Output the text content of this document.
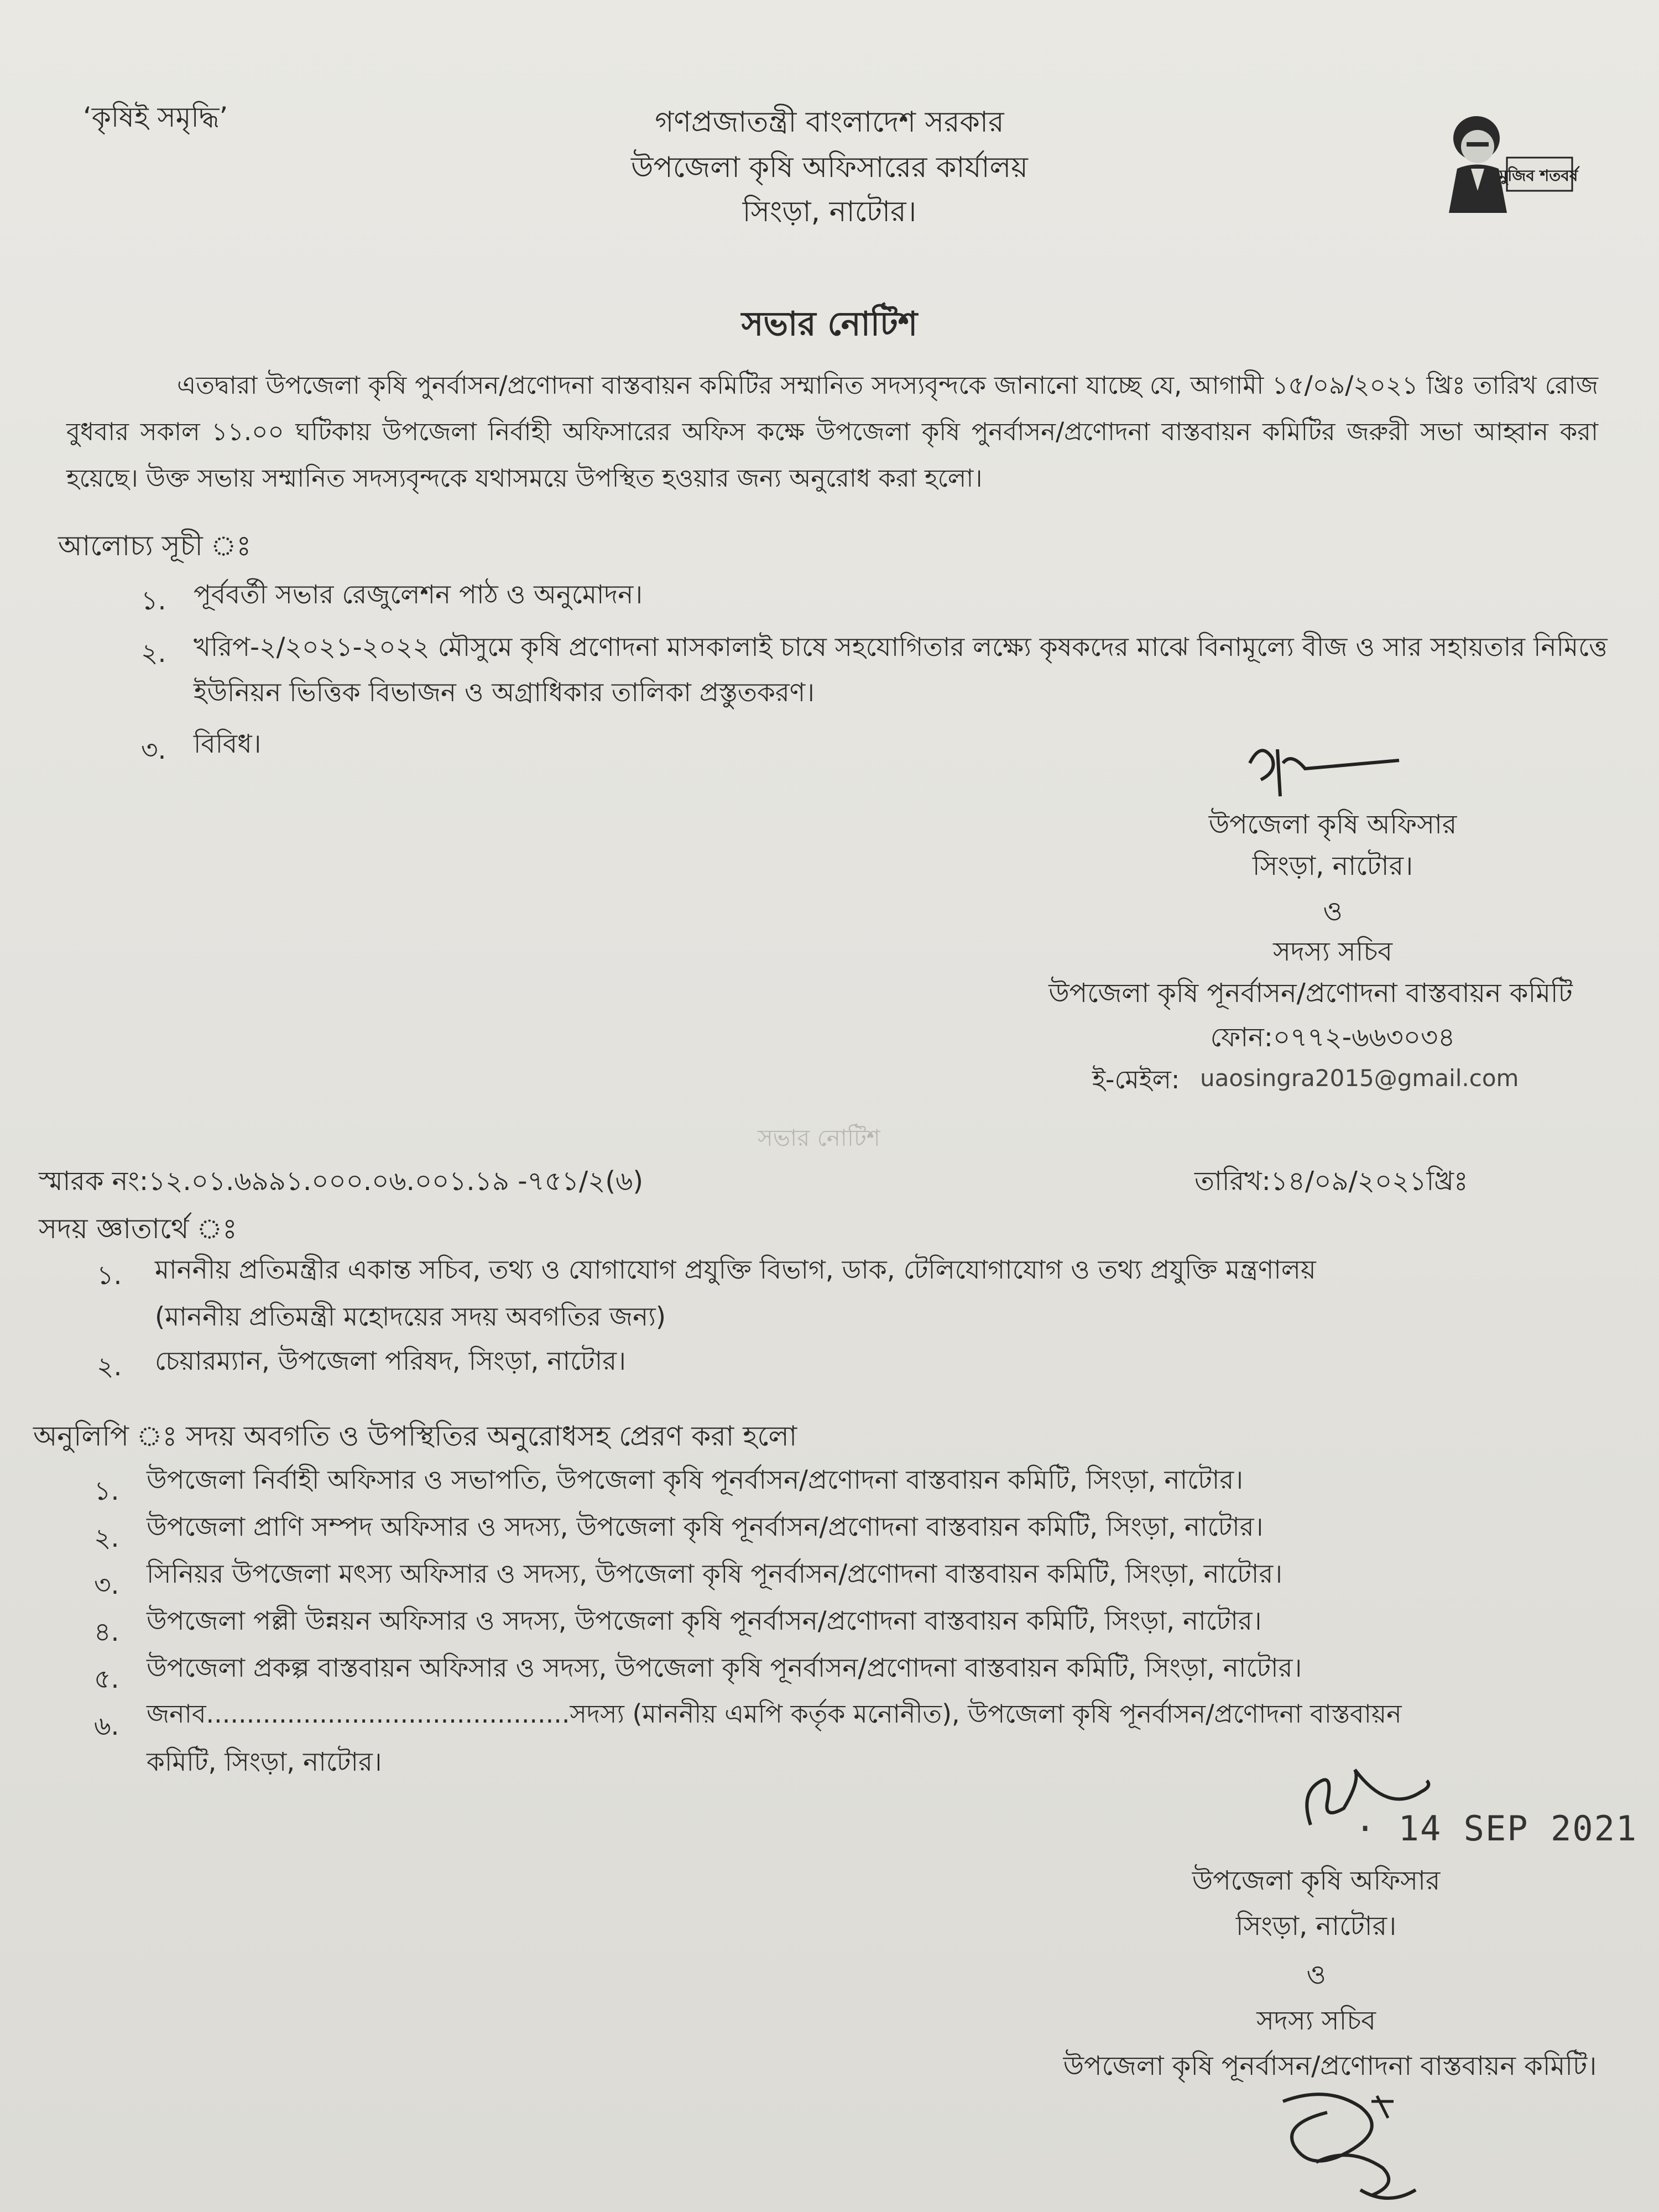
‘কৃষিই সমৃদ্ধি’	গণপ্রজাতন্ত্রী বাংলাদেশ সরকার
উপজেলা কৃষি অফিসারের কার্যালয়
সিংড়া, নাটোর।
মুজিব শতবর্ষ
সভার নোটিশ
এতদ্বারা উপজেলা কৃষি পুনর্বাসন/প্রণোদনা বাস্তবায়ন কমিটির সম্মানিত সদস্যবৃন্দকে জানানো যাচ্ছে যে, আগামী ১৫/০৯/২০২১ খ্রিঃ তারিখ রোজ বুধবার সকাল ১১.০০ ঘটিকায় উপজেলা নির্বাহী অফিসারের অফিস কক্ষে উপজেলা কৃষি পুনর্বাসন/প্রণোদনা বাস্তবায়ন কমিটির জরুরী সভা আহ্বান করা হয়েছে। উক্ত সভায় সম্মানিত সদস্যবৃন্দকে যথাসময়ে উপস্থিত হওয়ার জন্য অনুরোধ করা হলো।
আলোচ্য সূচী ঃ
১. পূর্ববর্তী সভার রেজুলেশন পাঠ ও অনুমোদন।
২. খরিপ-২/২০২১-২০২২ মৌসুমে কৃষি প্রণোদনা মাসকালাই চাষে সহযোগিতার লক্ষ্যে কৃষকদের মাঝে বিনামূল্যে বীজ ও সার সহায়তার নিমিত্তে ইউনিয়ন ভিত্তিক বিভাজন ও অগ্রাধিকার তালিকা প্রস্তুতকরণ।
৩. বিবিধ।
উপজেলা কৃষি অফিসার
সিংড়া, নাটোর।
ও
সদস্য সচিব
উপজেলা কৃষি পূনর্বাসন/প্রণোদনা বাস্তবায়ন কমিটি
ফোন:০৭৭২-৬৬৩০৩৪
ই-মেইল: uaosingra2015@gmail.com
সভার নোটিশ
স্মারক নং:১২.০১.৬৯৯১.০০০.০৬.০০১.১৯ -৭৫১/২(৬)	তারিখ:১৪/০৯/২০২১খ্রিঃ
সদয় জ্ঞাতার্থে ঃ
১. মাননীয় প্রতিমন্ত্রীর একান্ত সচিব, তথ্য ও যোগাযোগ প্রযুক্তি বিভাগ, ডাক, টেলিযোগাযোগ ও তথ্য প্রযুক্তি মন্ত্রণালয়
(মাননীয় প্রতিমন্ত্রী মহোদয়ের সদয় অবগতির জন্য)
২. চেয়ারম্যান, উপজেলা পরিষদ, সিংড়া, নাটোর।
অনুলিপি ঃ সদয় অবগতি ও উপস্থিতির অনুরোধসহ প্রেরণ করা হলো
১. উপজেলা নির্বাহী অফিসার ও সভাপতি, উপজেলা কৃষি পূনর্বাসন/প্রণোদনা বাস্তবায়ন কমিটি, সিংড়া, নাটোর।
২. উপজেলা প্রাণি সম্পদ অফিসার ও সদস্য, উপজেলা কৃষি পূনর্বাসন/প্রণোদনা বাস্তবায়ন কমিটি, সিংড়া, নাটোর।
৩. সিনিয়র উপজেলা মৎস্য অফিসার ও সদস্য, উপজেলা কৃষি পূনর্বাসন/প্রণোদনা বাস্তবায়ন কমিটি, সিংড়া, নাটোর।
৪. উপজেলা পল্লী উন্নয়ন অফিসার ও সদস্য, উপজেলা কৃষি পূনর্বাসন/প্রণোদনা বাস্তবায়ন কমিটি, সিংড়া, নাটোর।
৫. উপজেলা প্রকল্প বাস্তবায়ন অফিসার ও সদস্য, উপজেলা কৃষি পূনর্বাসন/প্রণোদনা বাস্তবায়ন কমিটি, সিংড়া, নাটোর।
৬. জনাব.............................................সদস্য (মাননীয় এমপি কর্তৃক মনোনীত), উপজেলা কৃষি পূনর্বাসন/প্রণোদনা বাস্তবায়ন
কমিটি, সিংড়া, নাটোর।
· 14 SEP 2021
উপজেলা কৃষি অফিসার
সিংড়া, নাটোর।
ও
সদস্য সচিব
উপজেলা কৃষি পূনর্বাসন/প্রণোদনা বাস্তবায়ন কমিটি।
